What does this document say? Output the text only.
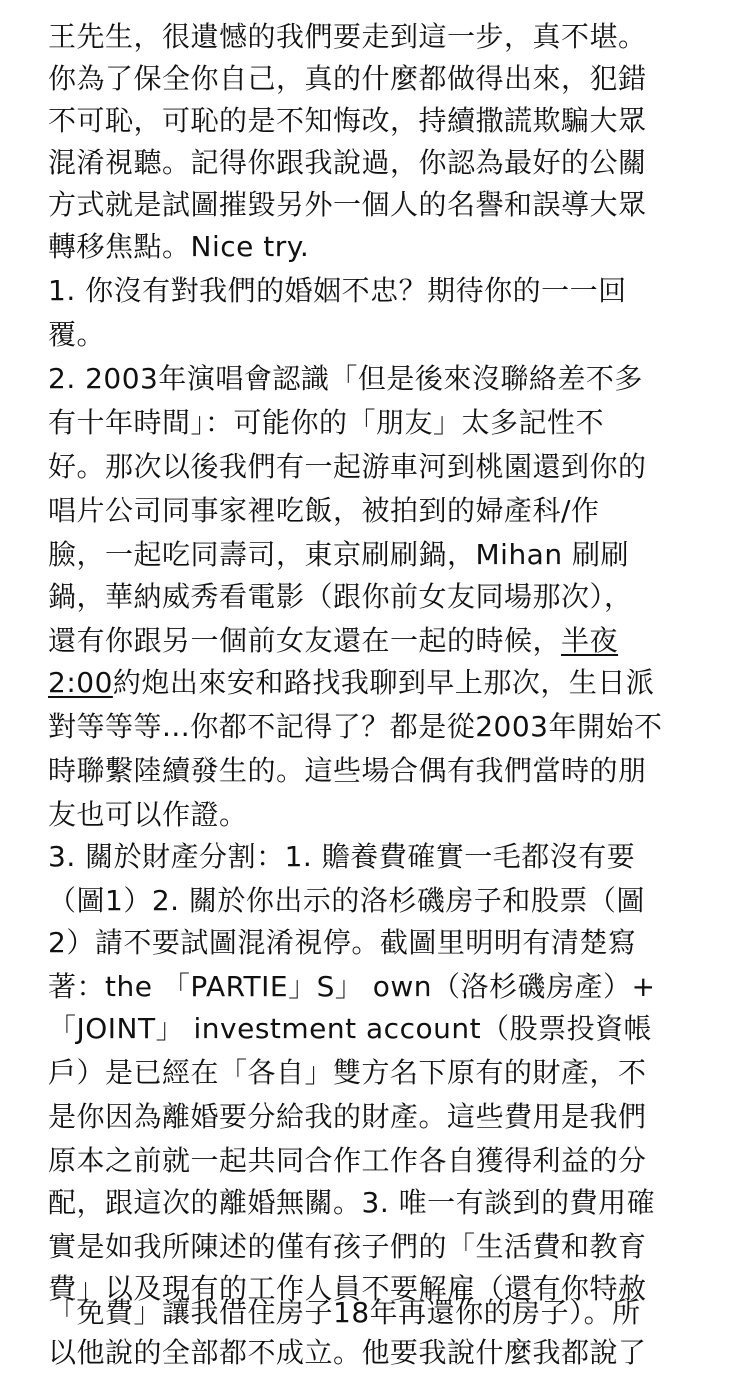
王先生，很遺憾的我們要走到這一步，真不堪。
你為了保全你自己，真的什麼都做得出來，犯錯
不可恥，可恥的是不知悔改，持續撒謊欺騙大眾
混淆視聽。記得你跟我說過，你認為最好的公關
方式就是試圖摧毀另外一個人的名譽和誤導大眾
轉移焦點。Nice try.
1. 你沒有對我們的婚姻不忠？期待你的一一回
覆。
2. 2003年演唱會認識「但是後來沒聯絡差不多
有十年時間」：可能你的「朋友」太多記性不
好。那次以後我們有一起游車河到桃園還到你的
唱片公司同事家裡吃飯，被拍到的婦產科/作
臉，一起吃同壽司，東京刷刷鍋，Mihan 刷刷
鍋，華納威秀看電影（跟你前女友同場那次），
還有你跟另一個前女友還在一起的時候，半夜
2:00約炮出來安和路找我聊到早上那次，生日派
對等等等...你都不記得了？都是從2003年開始不
時聯繫陸續發生的。這些場合偶有我們當時的朋
友也可以作證。
3. 關於財產分割：1. 贍養費確實一毛都沒有要
（圖1）2. 關於你出示的洛杉磯房子和股票（圖
2）請不要試圖混淆視停。截圖里明明有清楚寫
著：the 「PARTIE」S」 own（洛杉磯房產）+
「JOINT」 investment account（股票投資帳
戶）是已經在「各自」雙方名下原有的財產，不
是你因為離婚要分給我的財產。這些費用是我們
原本之前就一起共同合作工作各自獲得利益的分
配，跟這次的離婚無關。3. 唯一有談到的費用確
實是如我所陳述的僅有孩子們的「生活費和教育
費」以及現有的工作人員不要解雇（還有你特赦
「免費」讓我借住房子18年再還你的房子）。所
以他說的全部都不成立。他要我說什麼我都說了
